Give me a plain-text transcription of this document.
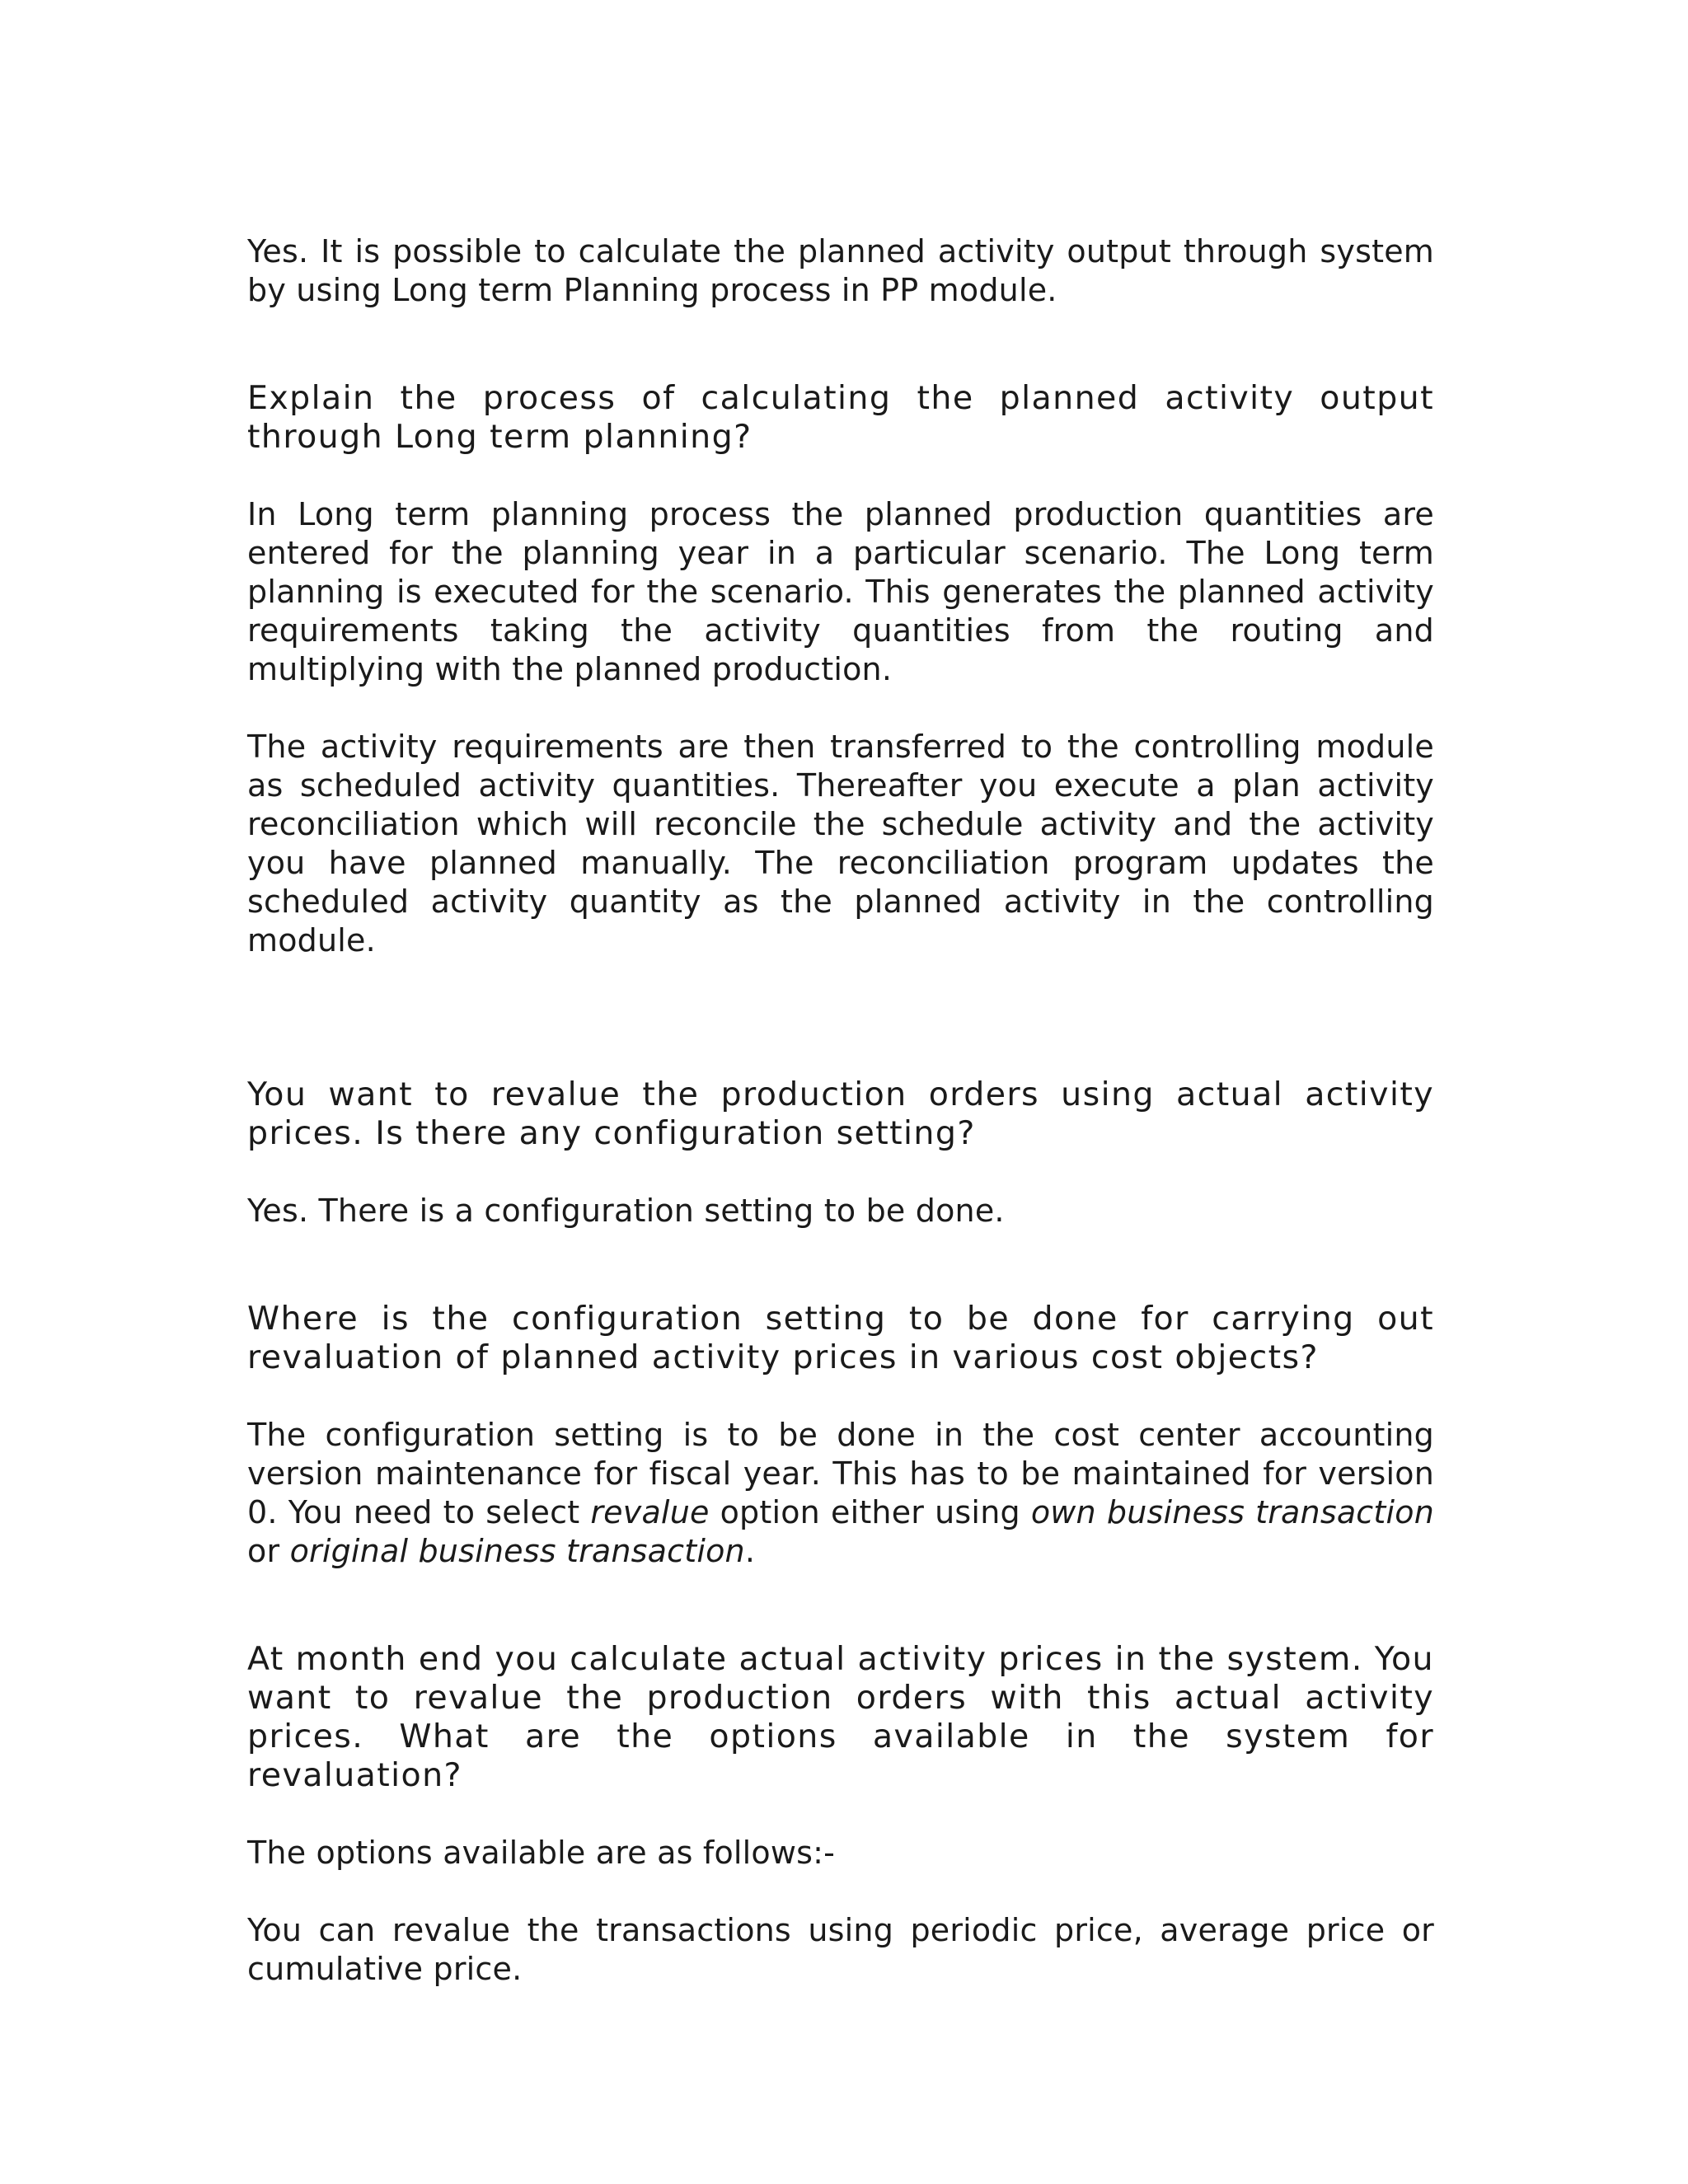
Yes. It is possible to calculate the planned activity output through system by using Long term Planning process in PP module.

Explain the process of calculating the planned activity output through Long term planning?

In Long term planning process the planned production quantities are entered for the planning year in a particular scenario. The Long term planning is executed for the scenario. This generates the planned activity requirements taking the activity quantities from the routing and multiplying with the planned production.

The activity requirements are then transferred to the controlling module as scheduled activity quantities. Thereafter you execute a plan activity reconciliation which will reconcile the schedule activity and the activity you have planned manually. The reconciliation program updates the scheduled activity quantity as the planned activity in the controlling module.

You want to revalue the production orders using actual activity prices. Is there any configuration setting?

Yes. There is a configuration setting to be done.

Where is the configuration setting to be done for carrying out revaluation of planned activity prices in various cost objects?

The configuration setting is to be done in the cost center accounting version maintenance for fiscal year. This has to be maintained for version 0. You need to select revalue option either using own business transaction or original business transaction.

At month end you calculate actual activity prices in the system. You want to revalue the production orders with this actual activity prices. What are the options available in the system for revaluation?

The options available are as follows:-

You can revalue the transactions using periodic price, average price or cumulative price.
